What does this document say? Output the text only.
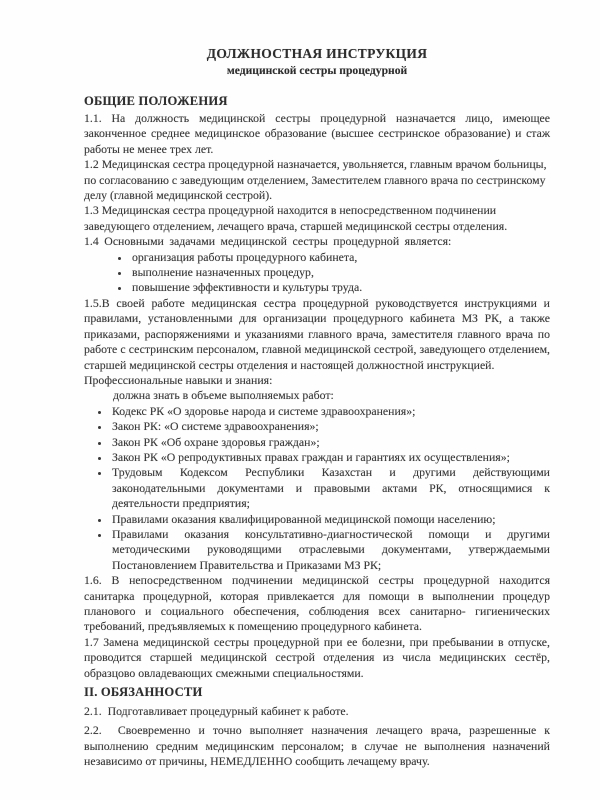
ДОЛЖНОСТНАЯ ИНСТРУКЦИЯ
медицинской сестры процедурной
ОБЩИЕ ПОЛОЖЕНИЯ

1.1. На должность медицинской сестры процедурной назначается лицо, имеющее законченное среднее медицинское образование (высшее сестринское образование) и стаж работы не менее трех лет.

1.2 Медицинская сестра процедурной назначается, увольняется, главным врачом больницы, по согласованию с заведующим отделением, Заместителем главного врача по сестринскому делу (главной медицинской сестрой).

1.3 Медицинская сестра процедурной находится в непосредственном подчинении заведующего отделением, лечащего врача, старшей медицинской сестры отделения.

1.4 Основными задачами медицинской сестры процедурной является:

• организация работы процедурного кабинета,
• выполнение назначенных процедур,
• повышение эффективности и культуры труда.

1.5.В своей работе медицинская сестра процедурной руководствуется инструкциями и правилами, установленными для организации процедурного кабинета МЗ РК, а также приказами, распоряжениями и указаниями главного врача, заместителя главного врача по работе с сестринским персоналом, главной медицинской сестрой, заведующего отделением, старшей медицинской сестры отделения и настоящей должностной инструкцией.

Профессиональные навыки и знания:

должна знать в объеме выполняемых работ:

• Кодекс РК «О здоровье народа и системе здравоохранения»;
• Закон РК: «О системе здравоохранения»;
• Закон РК «Об охране здоровья граждан»;
• Закон РК «О репродуктивных правах граждан и гарантиях их осуществления»;
• Трудовым Кодексом Республики Казахстан и другими действующими законодательными документами и правовыми актами РК, относящимися к деятельности предприятия;
• Правилами оказания квалифицированной медицинской помощи населению;
• Правилами оказания консультативно-диагностической помощи и другими методическими руководящими отраслевыми документами, утверждаемыми Постановлением Правительства и Приказами МЗ РК;

1.6. В непосредственном подчинении медицинской сестры процедурной находится санитарка процедурной, которая привлекается для помощи в выполнении процедур планового и социального обеспечения, соблюдения всех санитарно- гигиенических требований, предъявляемых к помещению процедурного кабинета.

1.7 Замена медицинской сестры процедурной при ее болезни, при пребывании в отпуске, проводится старшей медицинской сестрой отделения из числа медицинских сестёр, образцово овладевающих смежными специальностями.

II. ОБЯЗАННОСТИ

2.1.  Подготавливает процедурный кабинет к работе.

2.2.  Своевременно и точно выполняет назначения лечащего врача, разрешенные к выполнению средним медицинским персоналом; в случае не выполнения назначений независимо от причины, НЕМЕДЛЕННО сообщить лечащему врачу.
